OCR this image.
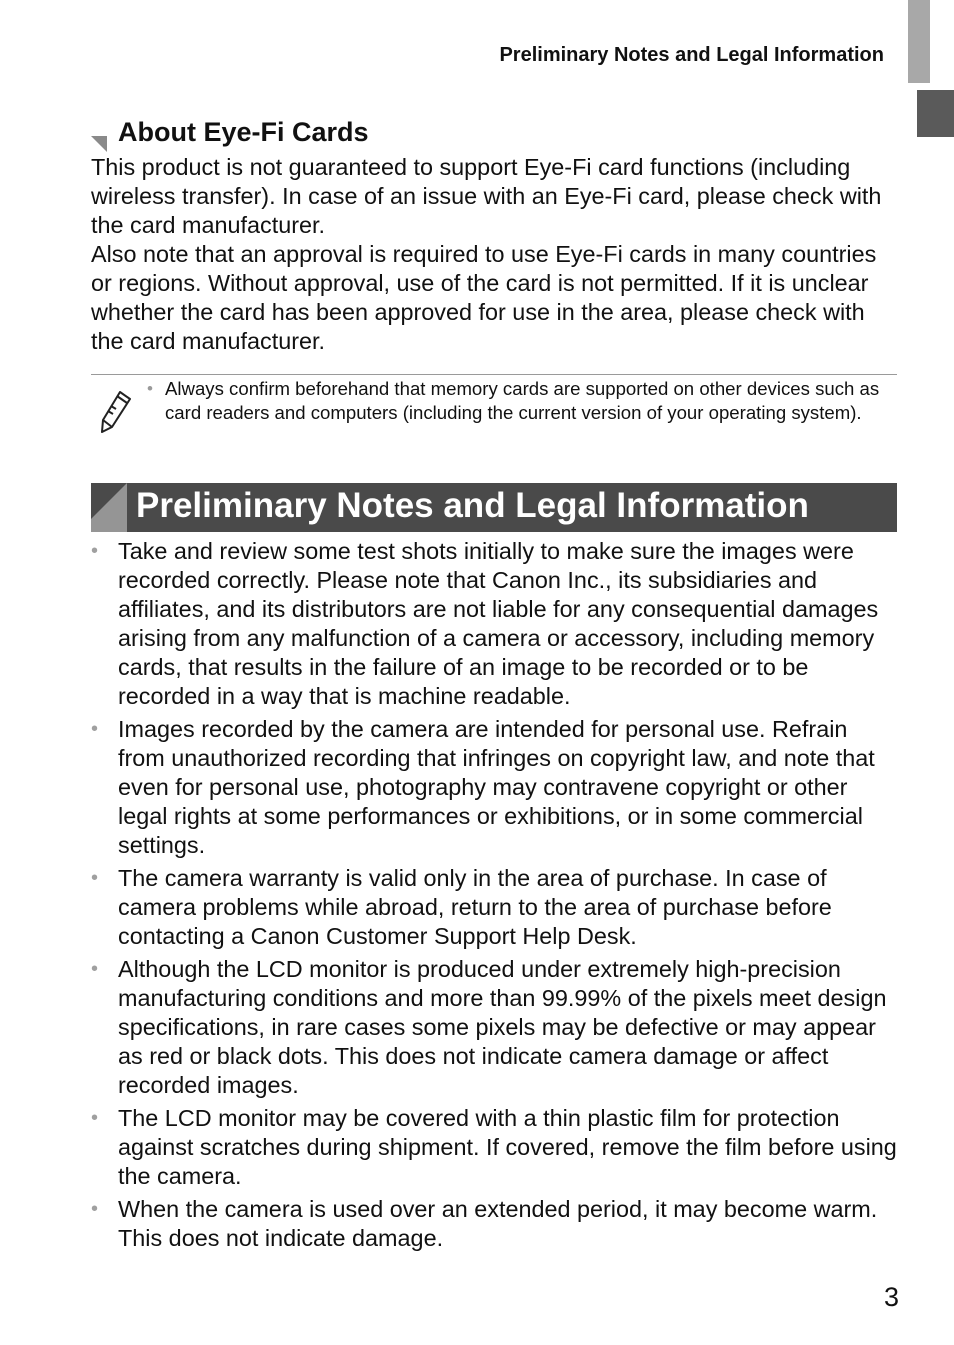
Preliminary Notes and Legal Information
About Eye-Fi Cards

This product is not guaranteed to support Eye-Fi card functions (including wireless transfer). In case of an issue with an Eye-Fi card, please check with the card manufacturer.

Also note that an approval is required to use Eye-Fi cards in many countries or regions. Without approval, use of the card is not permitted. If it is unclear whether the card has been approved for use in the area, please check with the card manufacturer.

• Always confirm beforehand that memory cards are supported on other devices such as card readers and computers (including the current version of your operating system).

Preliminary Notes and Legal Information
• Take and review some test shots initially to make sure the images were recorded correctly. Please note that Canon Inc., its subsidiaries and affiliates, and its distributors are not liable for any consequential damages arising from any malfunction of a camera or accessory, including memory cards, that results in the failure of an image to be recorded or to be recorded in a way that is machine readable.

• Images recorded by the camera are intended for personal use. Refrain from unauthorized recording that infringes on copyright law, and note that even for personal use, photography may contravene copyright or other legal rights at some performances or exhibitions, or in some commercial settings.

• The camera warranty is valid only in the area of purchase. In case of camera problems while abroad, return to the area of purchase before contacting a Canon Customer Support Help Desk.

• Although the LCD monitor is produced under extremely high-precision manufacturing conditions and more than 99.99% of the pixels meet design specifications, in rare cases some pixels may be defective or may appear as red or black dots. This does not indicate camera damage or affect recorded images.

• The LCD monitor may be covered with a thin plastic film for protection against scratches during shipment. If covered, remove the film before using the camera.

• When the camera is used over an extended period, it may become warm. This does not indicate damage.

3
